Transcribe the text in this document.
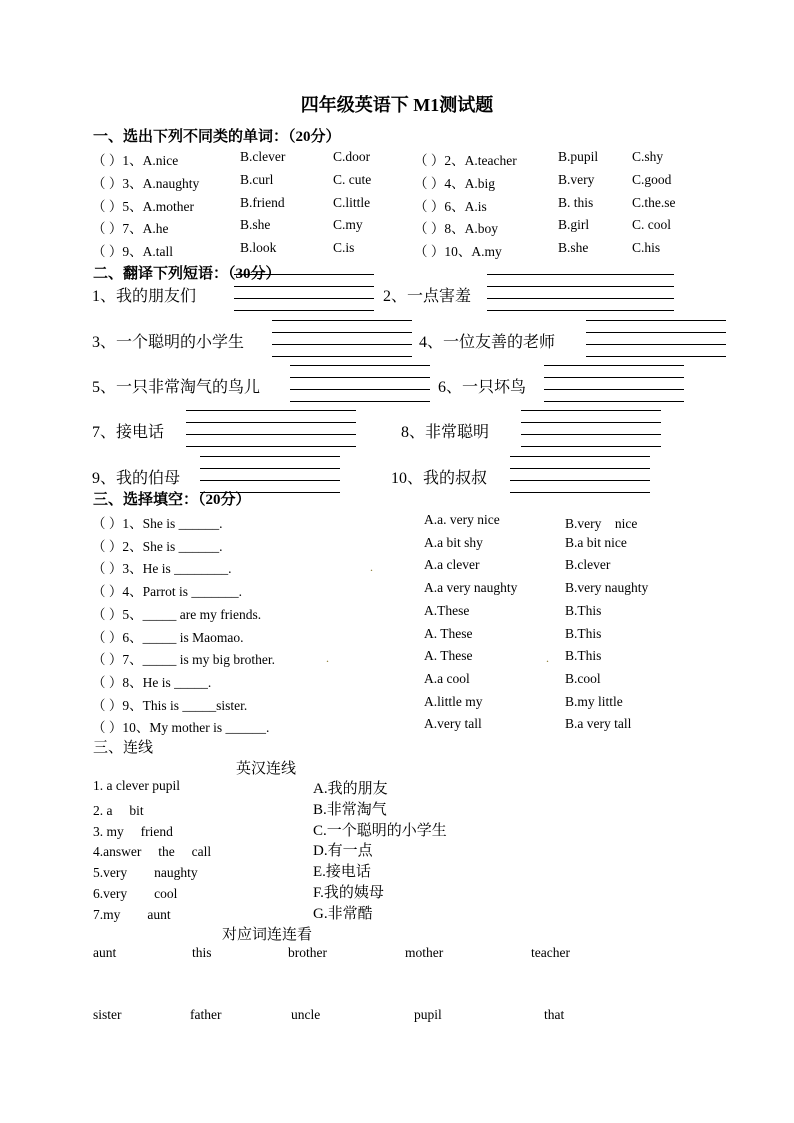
四年级英语下 M1测试题
一、选出下列不同类的单词：（20分）
（ ）1、A.nice	B.clever	C.door	（ ）2、A.teacher	B.pupil	C.shy
（ ）3、A.naughty	B.curl	C. cute	（ ）4、A.big	B.very	C.good
（ ）5、A.mother	B.friend	C.little	（ ）6、A.is	B. this	C.the.se
（ ）7、A.he	B.she	C.my	（ ）8、A.boy	B.girl	C. cool
（ ）9、A.tall	B.look	C.is	（ ）10、A.my	B.she	C.his
二、翻译下列短语：（30分）
1、我的朋友们	2、一点害羞
3、一个聪明的小学生	4、一位友善的老师
5、一只非常淘气的鸟儿	6、一只坏鸟
7、接电话	8、非常聪明
9、我的伯母	10、我的叔叔
三、选择填空：（20分）
（ ）1、She is ______.	A.a. very nice	B.very　nice
（ ）2、She is ______.	A.a bit shy	B.a bit nice
（ ）3、He is ________.	A.a clever	B.clever
（ ）4、Parrot is _______.	A.a very naughty	B.very naughty
（ ）5、_____ are my friends.	A.These	B.This
（ ）6、_____ is Maomao.	A. These	B.This
（ ）7、_____ is my big brother.	A. These	B.This
（ ）8、He is _____.	A.a cool	B.cool
（ ）9、This is _____sister.	A.little my	B.my little
（ ）10、My mother is ______.	A.very tall	B.a very tall
三、连线
英汉连线
1. a clever pupil	A.我的朋友
2. a　 bit	B.非常淘气
3. my　 friend	C.一个聪明的小学生
4.answer　 the　 call	D.有一点
5.very　　naughty	E.接电话
6.very　　cool	F.我的姨母
7.my　　aunt	G.非常酷
对应词连连看
aunt	this	brother	mother	teacher
sister	father	uncle	pupil	that
.
.	.
